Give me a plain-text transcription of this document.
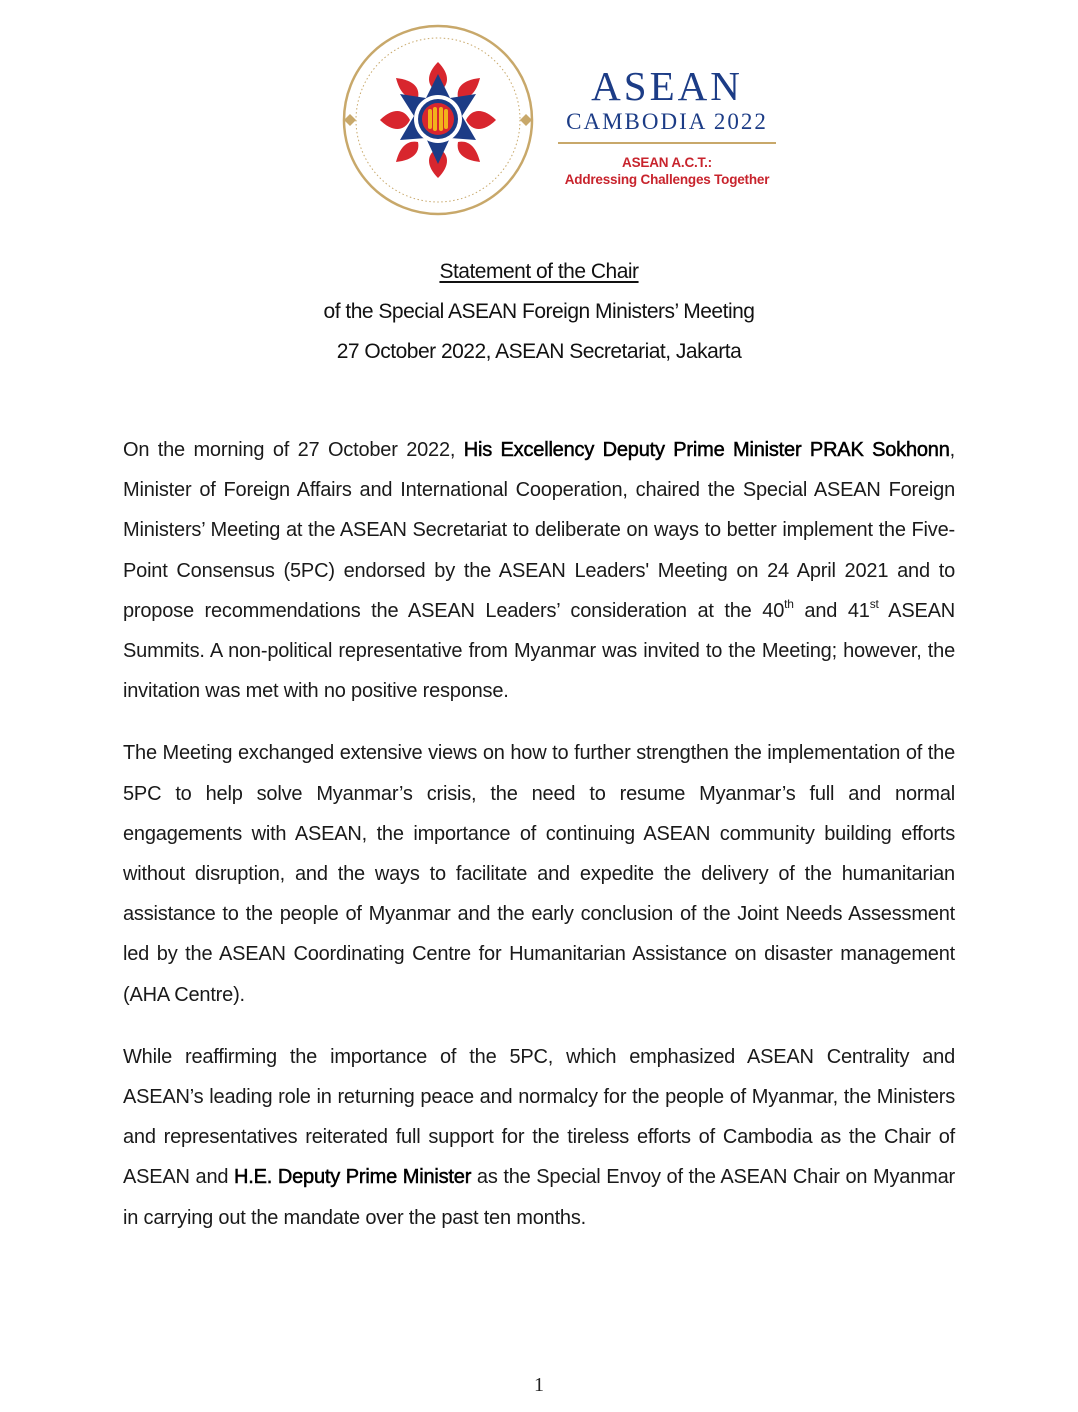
ASEAN
CAMBODIA 2022
ASEAN A.C.T.:
Addressing Challenges Together
Statement of the Chair
of the Special ASEAN Foreign Ministers’ Meeting
27 October 2022, ASEAN Secretariat, Jakarta

On the morning of 27 October 2022, His Excellency Deputy Prime Minister PRAK Sokhonn, Minister of Foreign Affairs and International Cooperation, chaired the Special ASEAN Foreign Ministers’ Meeting at the ASEAN Secretariat to deliberate on ways to better implement the Five-Point Consensus (5PC) endorsed by the ASEAN Leaders' Meeting on 24 April 2021 and to propose recommendations the ASEAN Leaders’ consideration at the 40th and 41st ASEAN Summits. A non-political representative from Myanmar was invited to the Meeting; however, the invitation was met with no positive response.

The Meeting exchanged extensive views on how to further strengthen the implementation of the 5PC to help solve Myanmar’s crisis, the need to resume Myanmar’s full and normal engagements with ASEAN, the importance of continuing ASEAN community building efforts without disruption, and the ways to facilitate and expedite the delivery of the humanitarian assistance to the people of Myanmar and the early conclusion of the Joint Needs Assessment led by the ASEAN Coordinating Centre for Humanitarian Assistance on disaster management (AHA Centre).

While reaffirming the importance of the 5PC, which emphasized ASEAN Centrality and ASEAN’s leading role in returning peace and normalcy for the people of Myanmar, the Ministers and representatives reiterated full support for the tireless efforts of Cambodia as the Chair of ASEAN and H.E. Deputy Prime Minister as the Special Envoy of the ASEAN Chair on Myanmar in carrying out the mandate over the past ten months.

1
